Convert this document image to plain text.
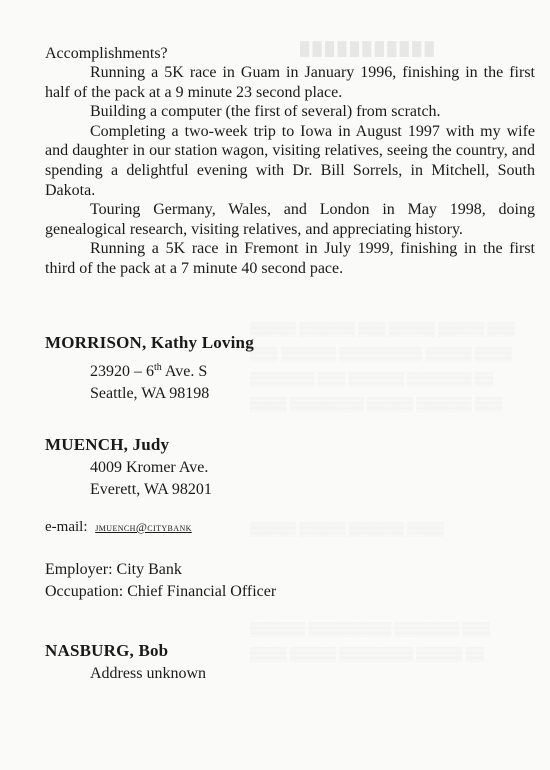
█ █ █ █ █ █ █ █ █ █ █
▒▒▒▒▒ ▒▒▒▒▒▒ ▒▒▒ ▒▒▒▒▒ ▒▒▒▒▒ ▒▒▒
▒▒▒ ▒▒▒▒▒▒ ▒▒▒▒▒▒▒▒▒ ▒▒▒▒▒ ▒▒▒▒
▒▒▒▒▒▒▒ ▒▒▒ ▒▒▒▒▒▒ ▒▒▒▒▒▒▒ ▒▒
▒▒▒▒ ▒▒▒▒▒▒▒▒ ▒▒▒▒▒ ▒▒▒▒▒▒ ▒▒▒
▒▒▒▒▒ ▒▒▒▒▒ ▒▒▒▒▒▒ ▒▒▒▒
▒▒▒▒▒▒ ▒▒▒▒▒▒▒▒▒ ▒▒▒▒▒▒▒ ▒▒▒
▒▒▒▒ ▒▒▒▒▒ ▒▒▒▒▒▒▒▒ ▒▒▒▒▒ ▒▒

Accomplishments?

Running a 5K race in Guam in January 1996, finishing in the first half of the pack at a 9 minute 23 second place.

Building a computer (the first of several) from scratch.

Completing a two-week trip to Iowa in August 1997 with my wife and daughter in our station wagon, visiting relatives, seeing the country, and spending a delightful evening with Dr. Bill Sorrels, in Mitchell, South Dakota.

Touring Germany, Wales, and London in May 1998, doing genealogical research, visiting relatives, and appreciating history.

Running a 5K race in Fremont in July 1999, finishing in the first third of the pack at a 7 minute 40 second pace.

MORRISON, Kathy Loving
23920 – 6th Ave. S
Seattle, WA 98198
MUENCH, Judy
4009 Kromer Ave.
Everett, WA 98201
e-mail: jmuench@citybank
Employer: City Bank
Occupation: Chief Financial Officer
NASBURG, Bob
Address unknown
